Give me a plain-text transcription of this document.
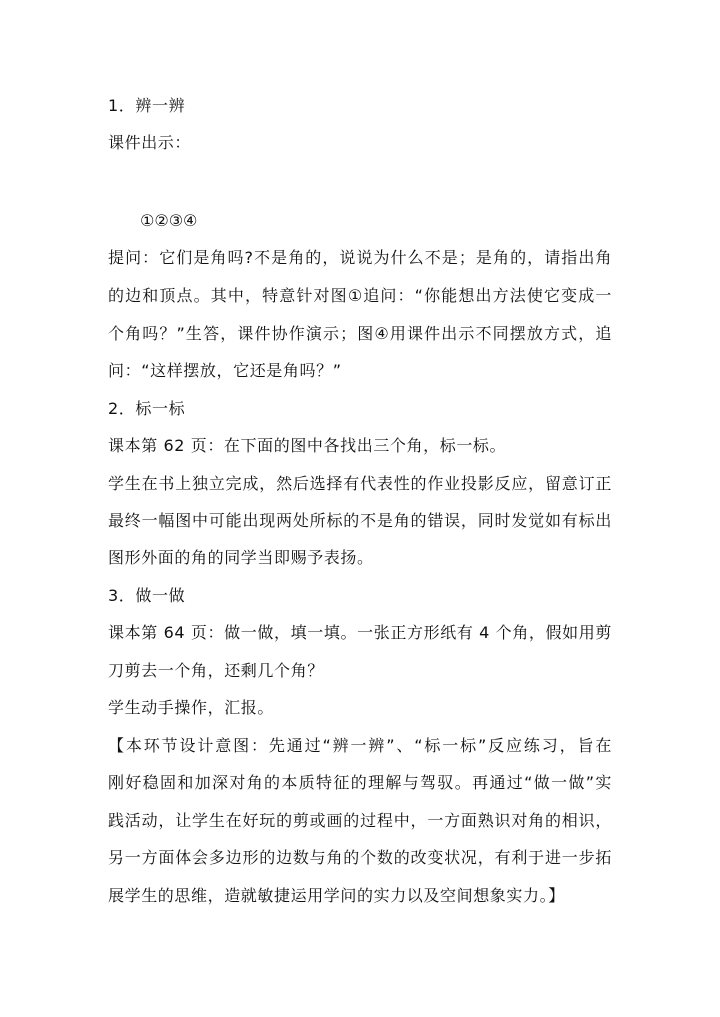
1．辨一辨
课件出示：
①②③④
提问：它们是角吗?不是角的，说说为什么不是；是角的，请指出角
的边和顶点。其中，特意针对图①追问：“你能想出方法使它变成一
个角吗？”生答，课件协作演示；图④用课件出示不同摆放方式，追
问：“这样摆放，它还是角吗？”
2．标一标
课本第 62 页：在下面的图中各找出三个角，标一标。
学生在书上独立完成，然后选择有代表性的作业投影反应，留意订正
最终一幅图中可能出现两处所标的不是角的错误，同时发觉如有标出
图形外面的角的同学当即赐予表扬。
3．做一做
课本第 64 页：做一做，填一填。一张正方形纸有 4 个角，假如用剪
刀剪去一个角，还剩几个角？
学生动手操作，汇报。
【本环节设计意图：先通过“辨一辨”、“标一标”反应练习，旨在
刚好稳固和加深对角的本质特征的理解与驾驭。再通过“做一做”实
践活动，让学生在好玩的剪或画的过程中，一方面熟识对角的相识，
另一方面体会多边形的边数与角的个数的改变状况，有利于进一步拓
展学生的思维，造就敏捷运用学问的实力以及空间想象实力。】
